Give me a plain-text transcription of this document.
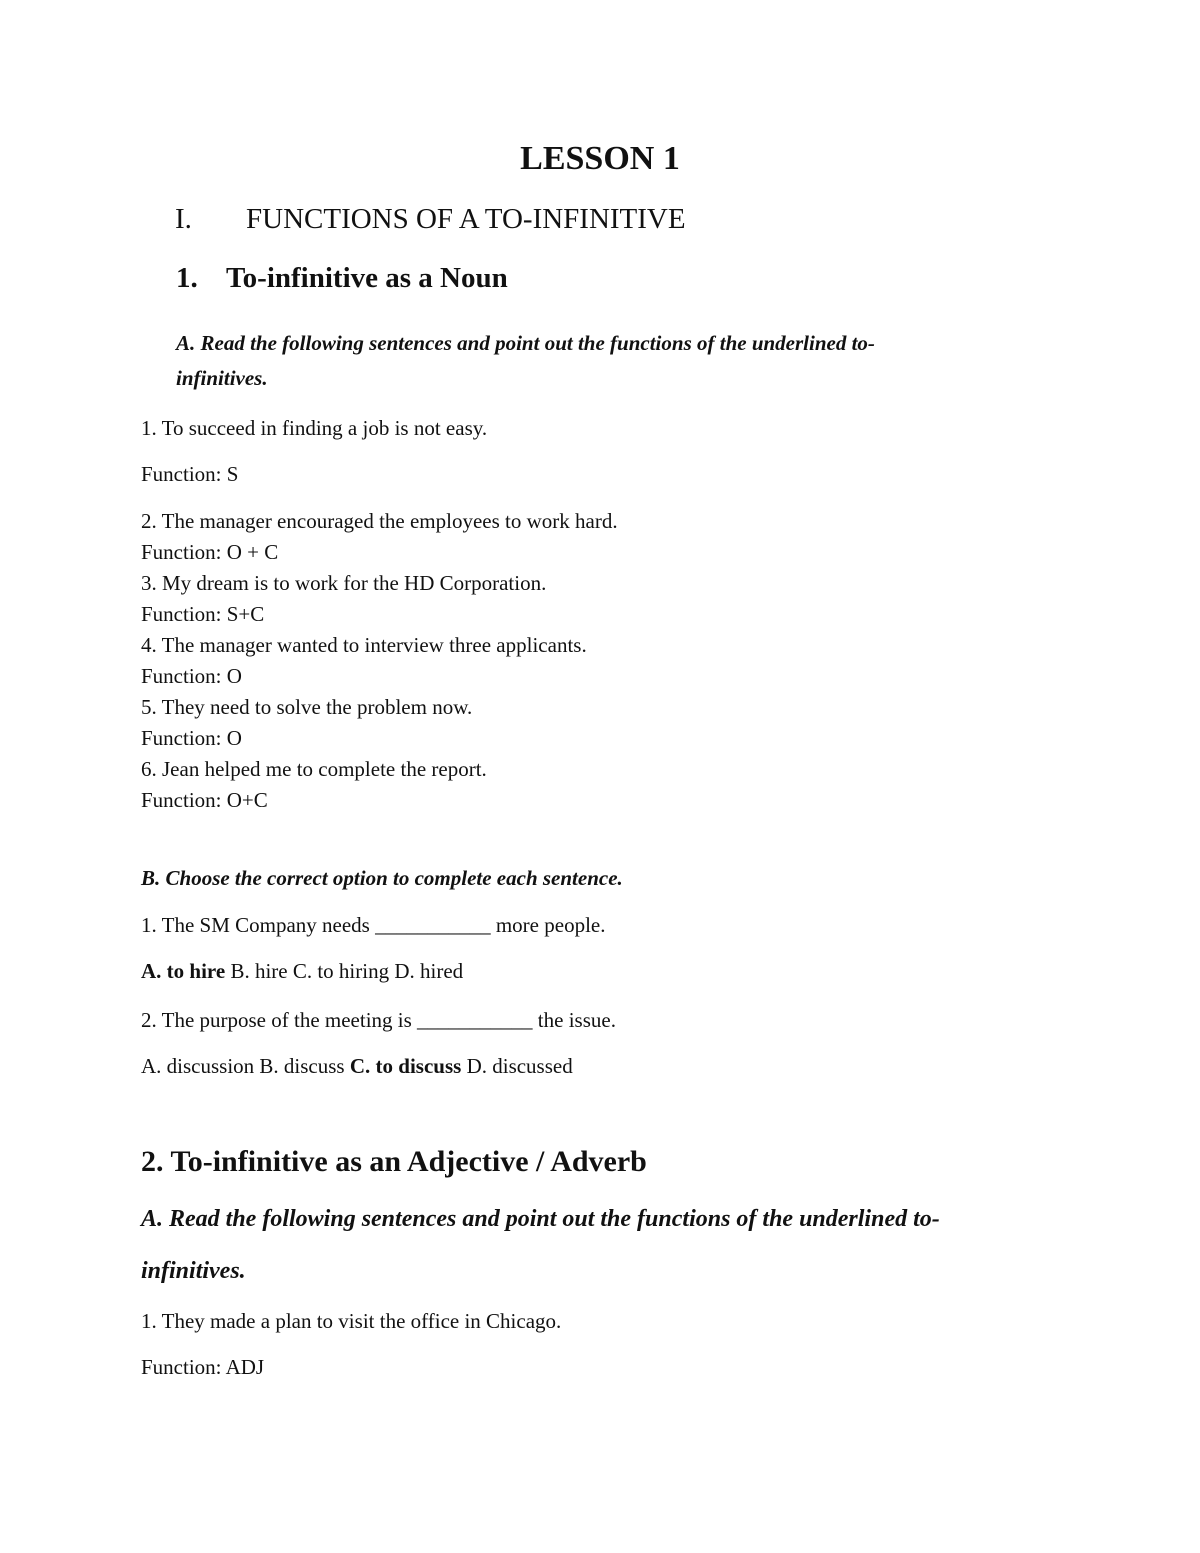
LESSON 1
I. FUNCTIONS OF A TO-INFINITIVE
1. To-infinitive as a Noun
A. Read the following sentences and point out the functions of the underlined to-
infinitives.
1. To succeed in finding a job is not easy.
Function: S
2. The manager encouraged the employees to work hard.
Function: O + C
3. My dream is to work for the HD Corporation.
Function: S+C
4. The manager wanted to interview three applicants.
Function: O
5. They need to solve the problem now.
Function: O
6. Jean helped me to complete the report.
Function: O+C
B. Choose the correct option to complete each sentence.
1. The SM Company needs ___________ more people.
A. to hire B. hire C. to hiring D. hired
2. The purpose of the meeting is ___________ the issue.
A. discussion B. discuss C. to discuss D. discussed
2. To-infinitive as an Adjective / Adverb
A. Read the following sentences and point out the functions of the underlined to-
infinitives.
1. They made a plan to visit the office in Chicago.
Function: ADJ
